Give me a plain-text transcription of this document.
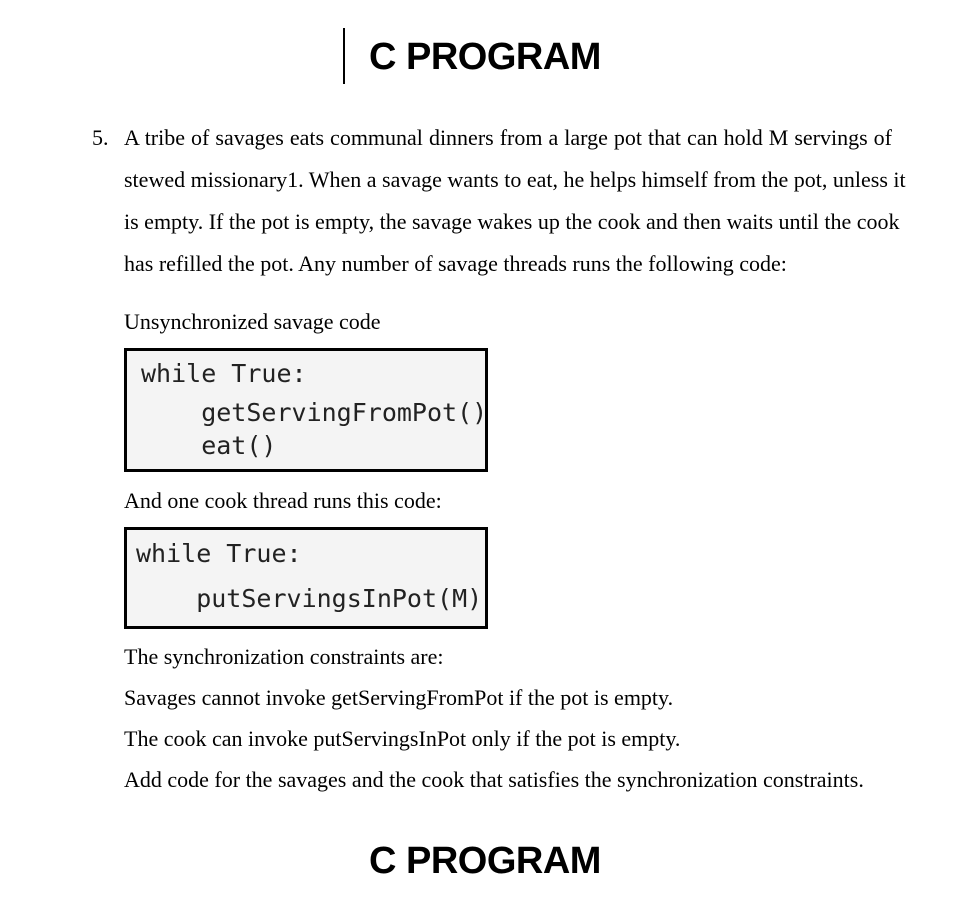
C PROGRAM
5. A tribe of savages eats communal dinners from a large pot that can hold M servings of
stewed missionary1. When a savage wants to eat, he helps himself from the pot, unless it
is empty. If the pot is empty, the savage wakes up the cook and then waits until the cook
has refilled the pot. Any number of savage threads runs the following code:
Unsynchronized savage code
while True:
getServingFromPot()
eat()
And one cook thread runs this code:
while True:
putServingsInPot(M)
The synchronization constraints are:
Savages cannot invoke getServingFromPot if the pot is empty.
The cook can invoke putServingsInPot only if the pot is empty.
Add code for the savages and the cook that satisfies the synchronization constraints.
C PROGRAM
